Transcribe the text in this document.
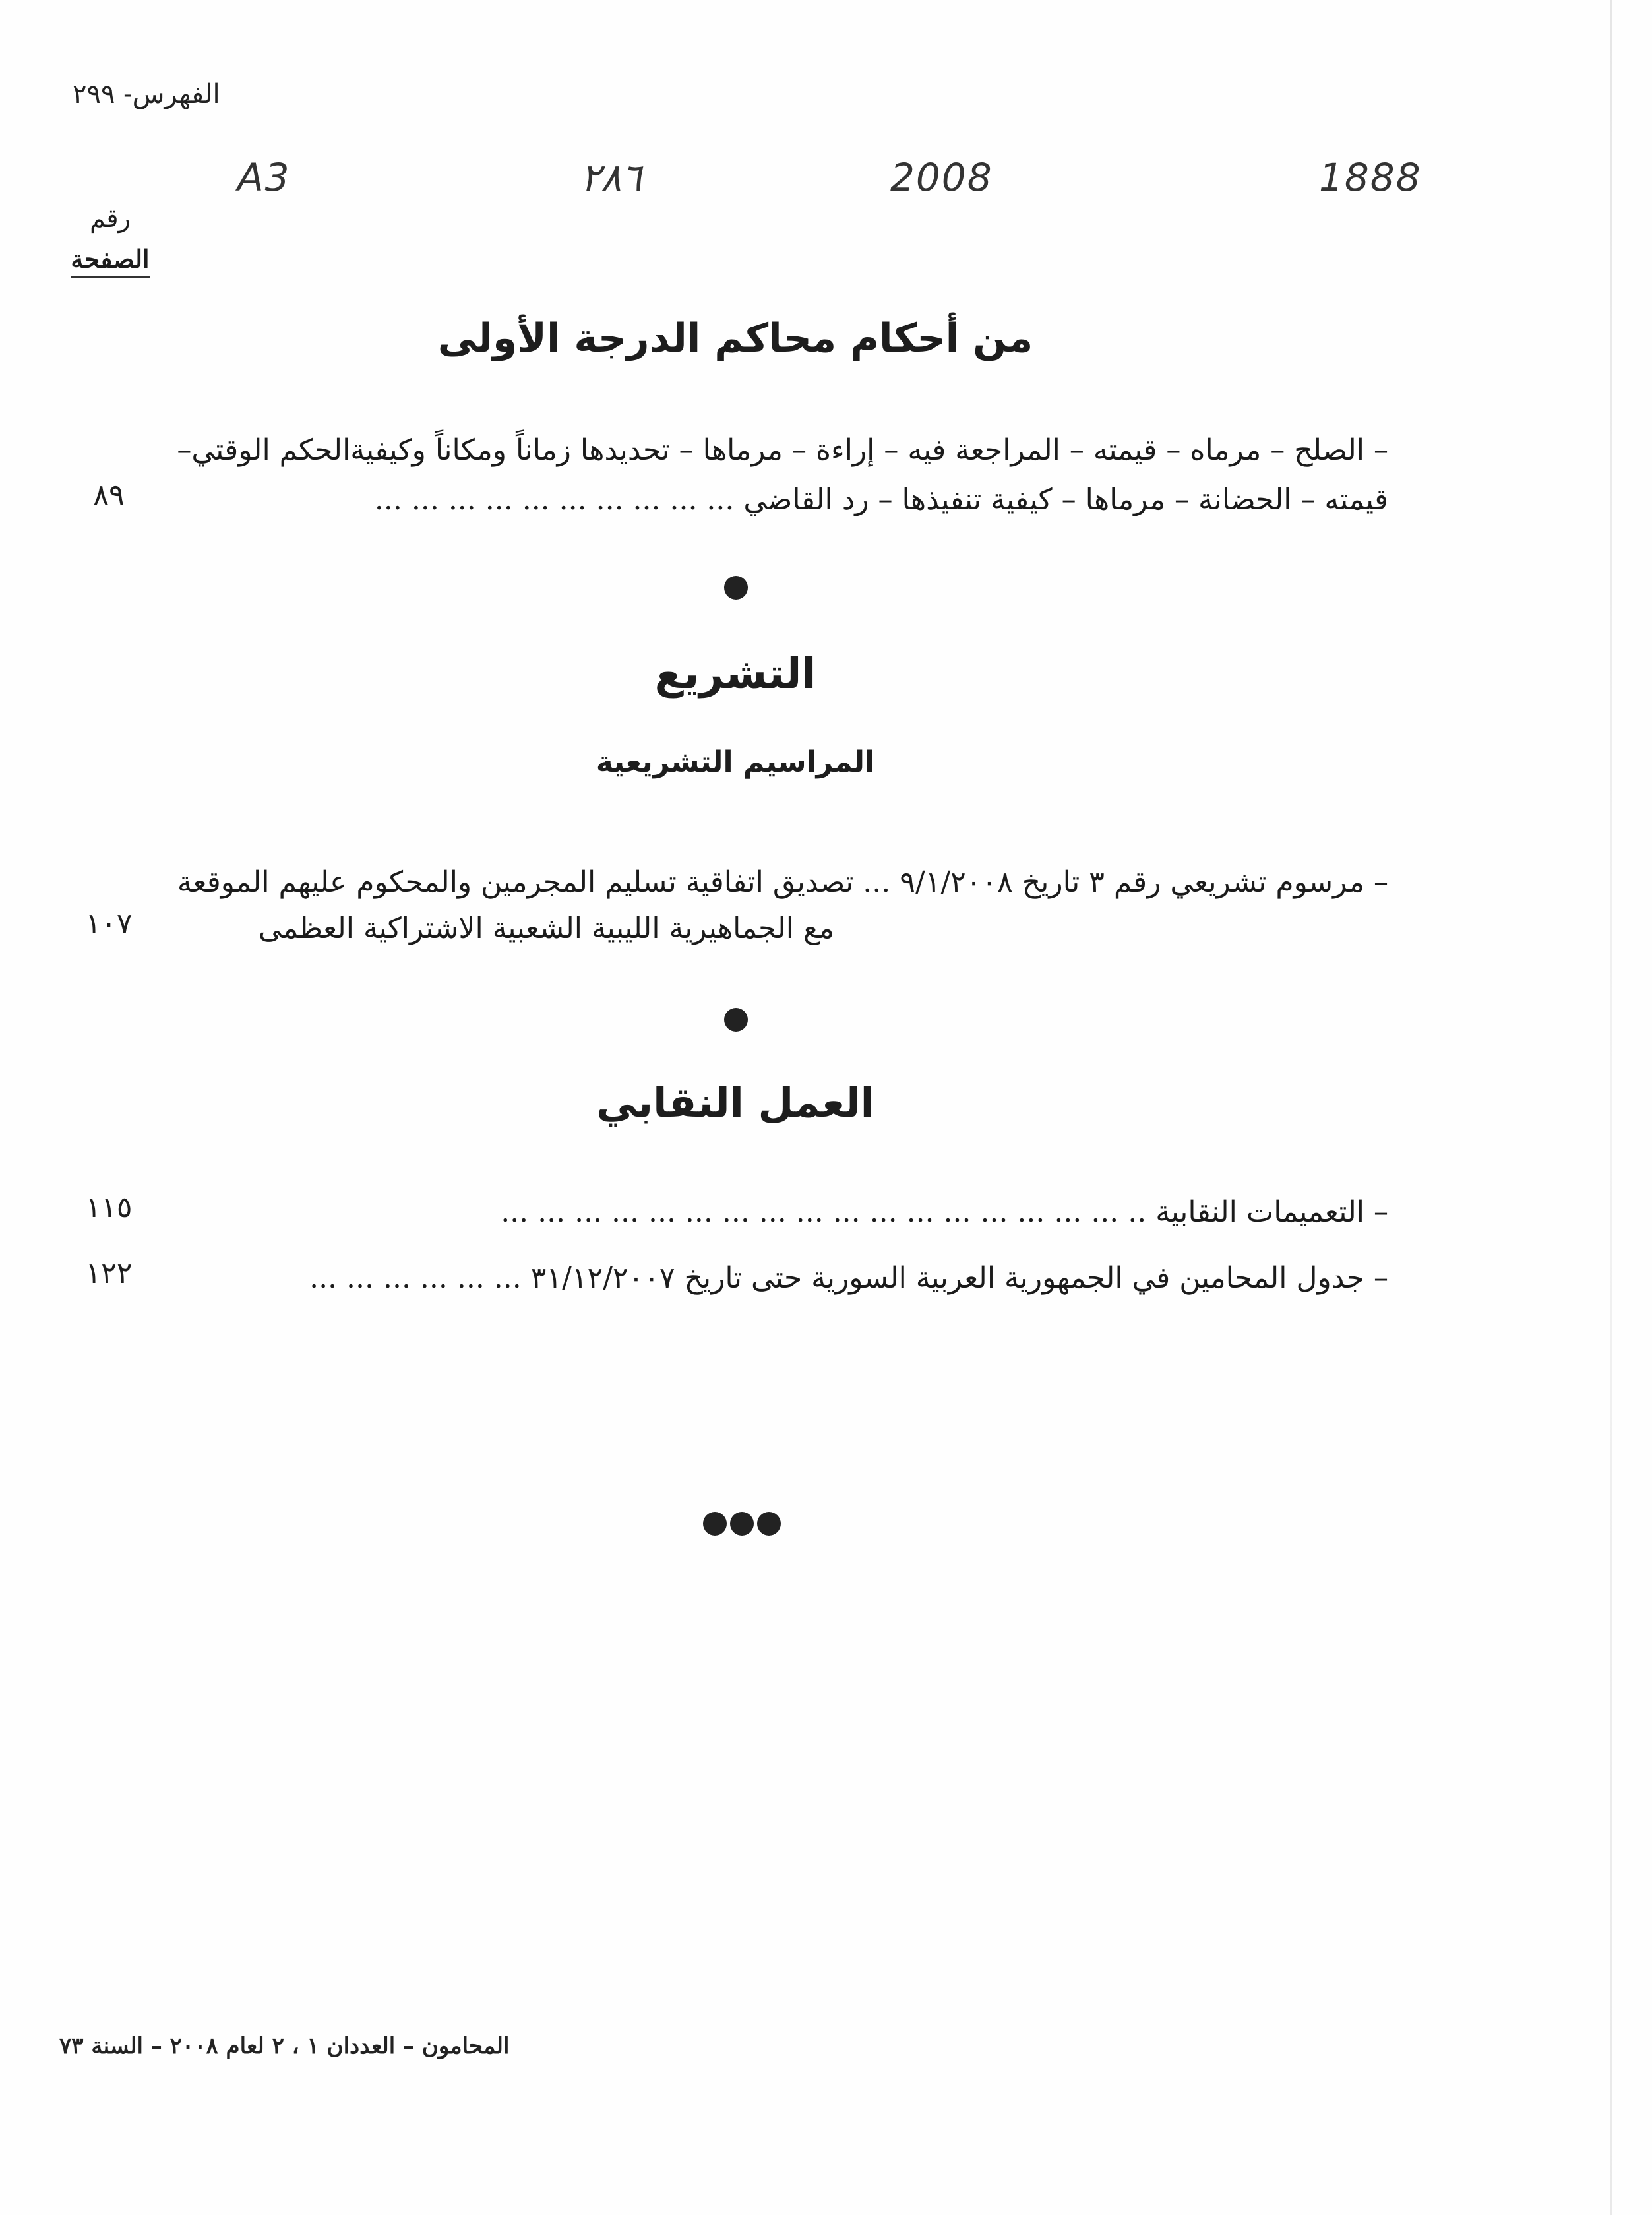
الفهرس- ٢٩٩
A3	٢٨٦	2008	1888
رقم
الصفحة
من أحكام محاكم الدرجة الأولى
– الصلح – مرماه – قيمته – المراجعة فيه – إراءة – مرماها – تحديدها زماناً ومكاناً وكيفيةالحكم الوقتي–
قيمته – الحضانة – مرماها – كيفية تنفيذها – رد القاضي ... ... ... ... ... ... ... ... ... ...
٨٩
التشريع
المراسيم التشريعية
– مرسوم تشريعي رقم ٣ تاريخ ٩/١/٢٠٠٨ ... تصديق اتفاقية تسليم المجرمين والمحكوم عليهم الموقعة
مع الجماهيرية الليبية الشعبية الاشتراكية العظمى
١٠٧
العمل النقابي
– التعميمات النقابية .. ... ... ... ... ... ... ... ... ... ... ... ... ... ... ... ... ...
١١٥
– جدول المحامين في الجمهورية العربية السورية حتى تاريخ ٣١/١٢/٢٠٠٧ ... ... ... ... ... ...
١٢٢
المحامون – العددان ١ ، ٢ لعام ٢٠٠٨ – السنة ٧٣
